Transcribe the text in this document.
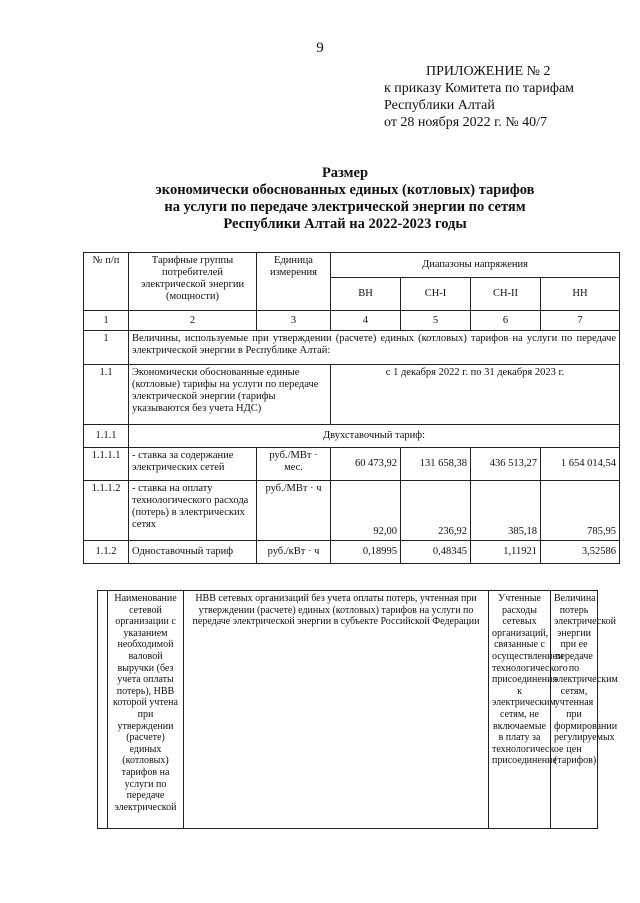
9
ПРИЛОЖЕНИЕ № 2
к приказу Комитета по тарифам
Республики Алтай
от 28 ноября 2022 г. № 40/7
Размер
экономически обоснованных единых (котловых) тарифов
на услуги по передаче электрической энергии по сетям
Республики Алтай на 2022-2023 годы
№ п/п	Тарифные группы потребителей электрической энергии (мощности)	Единица измерения	Диапазоны напряжения			
			ВН	СН-I	СН-II	НН
1	2	3	4	5	6	7
1	Величины, используемые при утверждении (расчете) единых (котловых) тарифов на услуги по передаче электрической энергии в Республике Алтай:					
1.1	Экономически обоснованные единые (котловые) тарифы на услуги по передаче электрической энергии (тарифы указываются без учета НДС)		с 1 декабря 2022 г. по 31 декабря 2023 г.			
1.1.1	Двухставочный тариф:					
1.1.1.1	- ставка за содержание электрических сетей	руб./МВт · мес.	60 473,92	131 658,38	436 513,27	1 654 014,54
1.1.1.2	- ставка на оплату технологического расхода (потерь) в электрических сетях	руб./МВт · ч	92,00	236,92	385,18	785,95
1.1.2	Одноставочный тариф	руб./кВт · ч	0,18995	0,48345	1,11921	3,52586
	Наименование сетевой организации с указанием необходимой валовой выручки (без учета оплаты потерь), НВВ которой учтена при утверждении (расчете) единых (котловых) тарифов на услуги по передаче электрической	НВВ сетевых организаций без учета оплаты потерь, учтенная при утверждении (расчете) единых (котловых) тарифов на услуги по передаче электрической энергии в субъекте Российской Федерации	Учтенные расходы сетевых организаций, связанные с осуществлением технологического присоединения к электрическим сетям, не включаемые в плату за технологическое присоединение	Величина потерь электрической энергии при ее передаче по электрическим сетям, учтенная при формировании регулируемых цен (тарифов)
